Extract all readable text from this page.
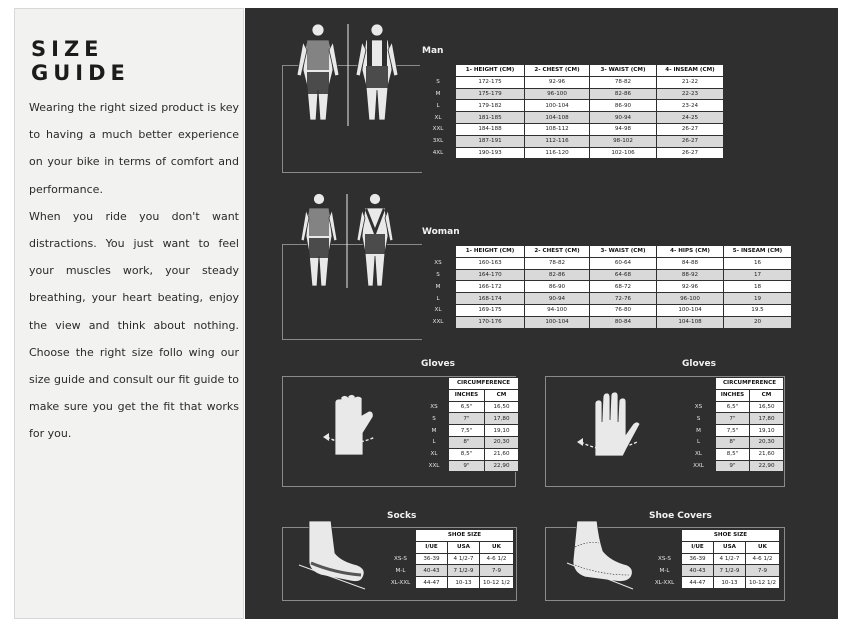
SIZE
GUIDE

Wearing the right sized product is key to having a much better experience on your bike in terms of comfort and performance.

When you ride you don't want distractions. You just want to feel your muscles work, your steady breathing, your heart beating, enjoy the view and think about nothing. Choose the right size follo wing our size guide and consult our fit guide to make sure you get the fit that works for you.

Man
	1- HEIGHT (CM)	2- CHEST (CM)	3- WAIST (CM)	4- INSEAM (CM)
S	172-175	92-96	78-82	21-22
M	175-179	96-100	82-86	22-23
L	179-182	100-104	86-90	23-24
XL	181-185	104-108	90-94	24-25
XXL	184-188	108-112	94-98	26-27
3XL	187-191	112-116	98-102	26-27
4XL	190-193	116-120	102-106	26-27
Woman
	1- HEIGHT (CM)	2- CHEST (CM)	3- WAIST (CM)	4- HIPS (CM)	5- INSEAM (CM)
XS	160-163	78-82	60-64	84-88	16
S	164-170	82-86	64-68	88-92	17
M	166-172	86-90	68-72	92-96	18
L	168-174	90-94	72-76	96-100	19
XL	169-175	94-100	76-80	100-104	19.5
XXL	170-176	100-104	80-84	104-108	20
Gloves
	CIRCUMFERENCE	
	INCHES	CM
XS	6,5"	16,50
S	7"	17,80
M	7,5"	19,10
L	8"	20,30
XL	8,5"	21,60
XXL	9"	22,90
Gloves
	CIRCUMFERENCE	
	INCHES	CM
XS	6,5"	16,50
S	7"	17,80
M	7,5"	19,10
L	8"	20,30
XL	8,5"	21,60
XXL	9"	22,90
Socks
	SHOE SIZE		
	I/UE	USA	UK
XS-S	36-39	4 1/2-7	4-6 1/2
M-L	40-43	7 1/2-9	7-9
XL-XXL	44-47	10-13	10-12 1/2
Shoe Covers
	SHOE SIZE		
	I/UE	USA	UK
XS-S	36-39	4 1/2-7	4-6 1/2
M-L	40-43	7 1/2-9	7-9
XL-XXL	44-47	10-13	10-12 1/2
